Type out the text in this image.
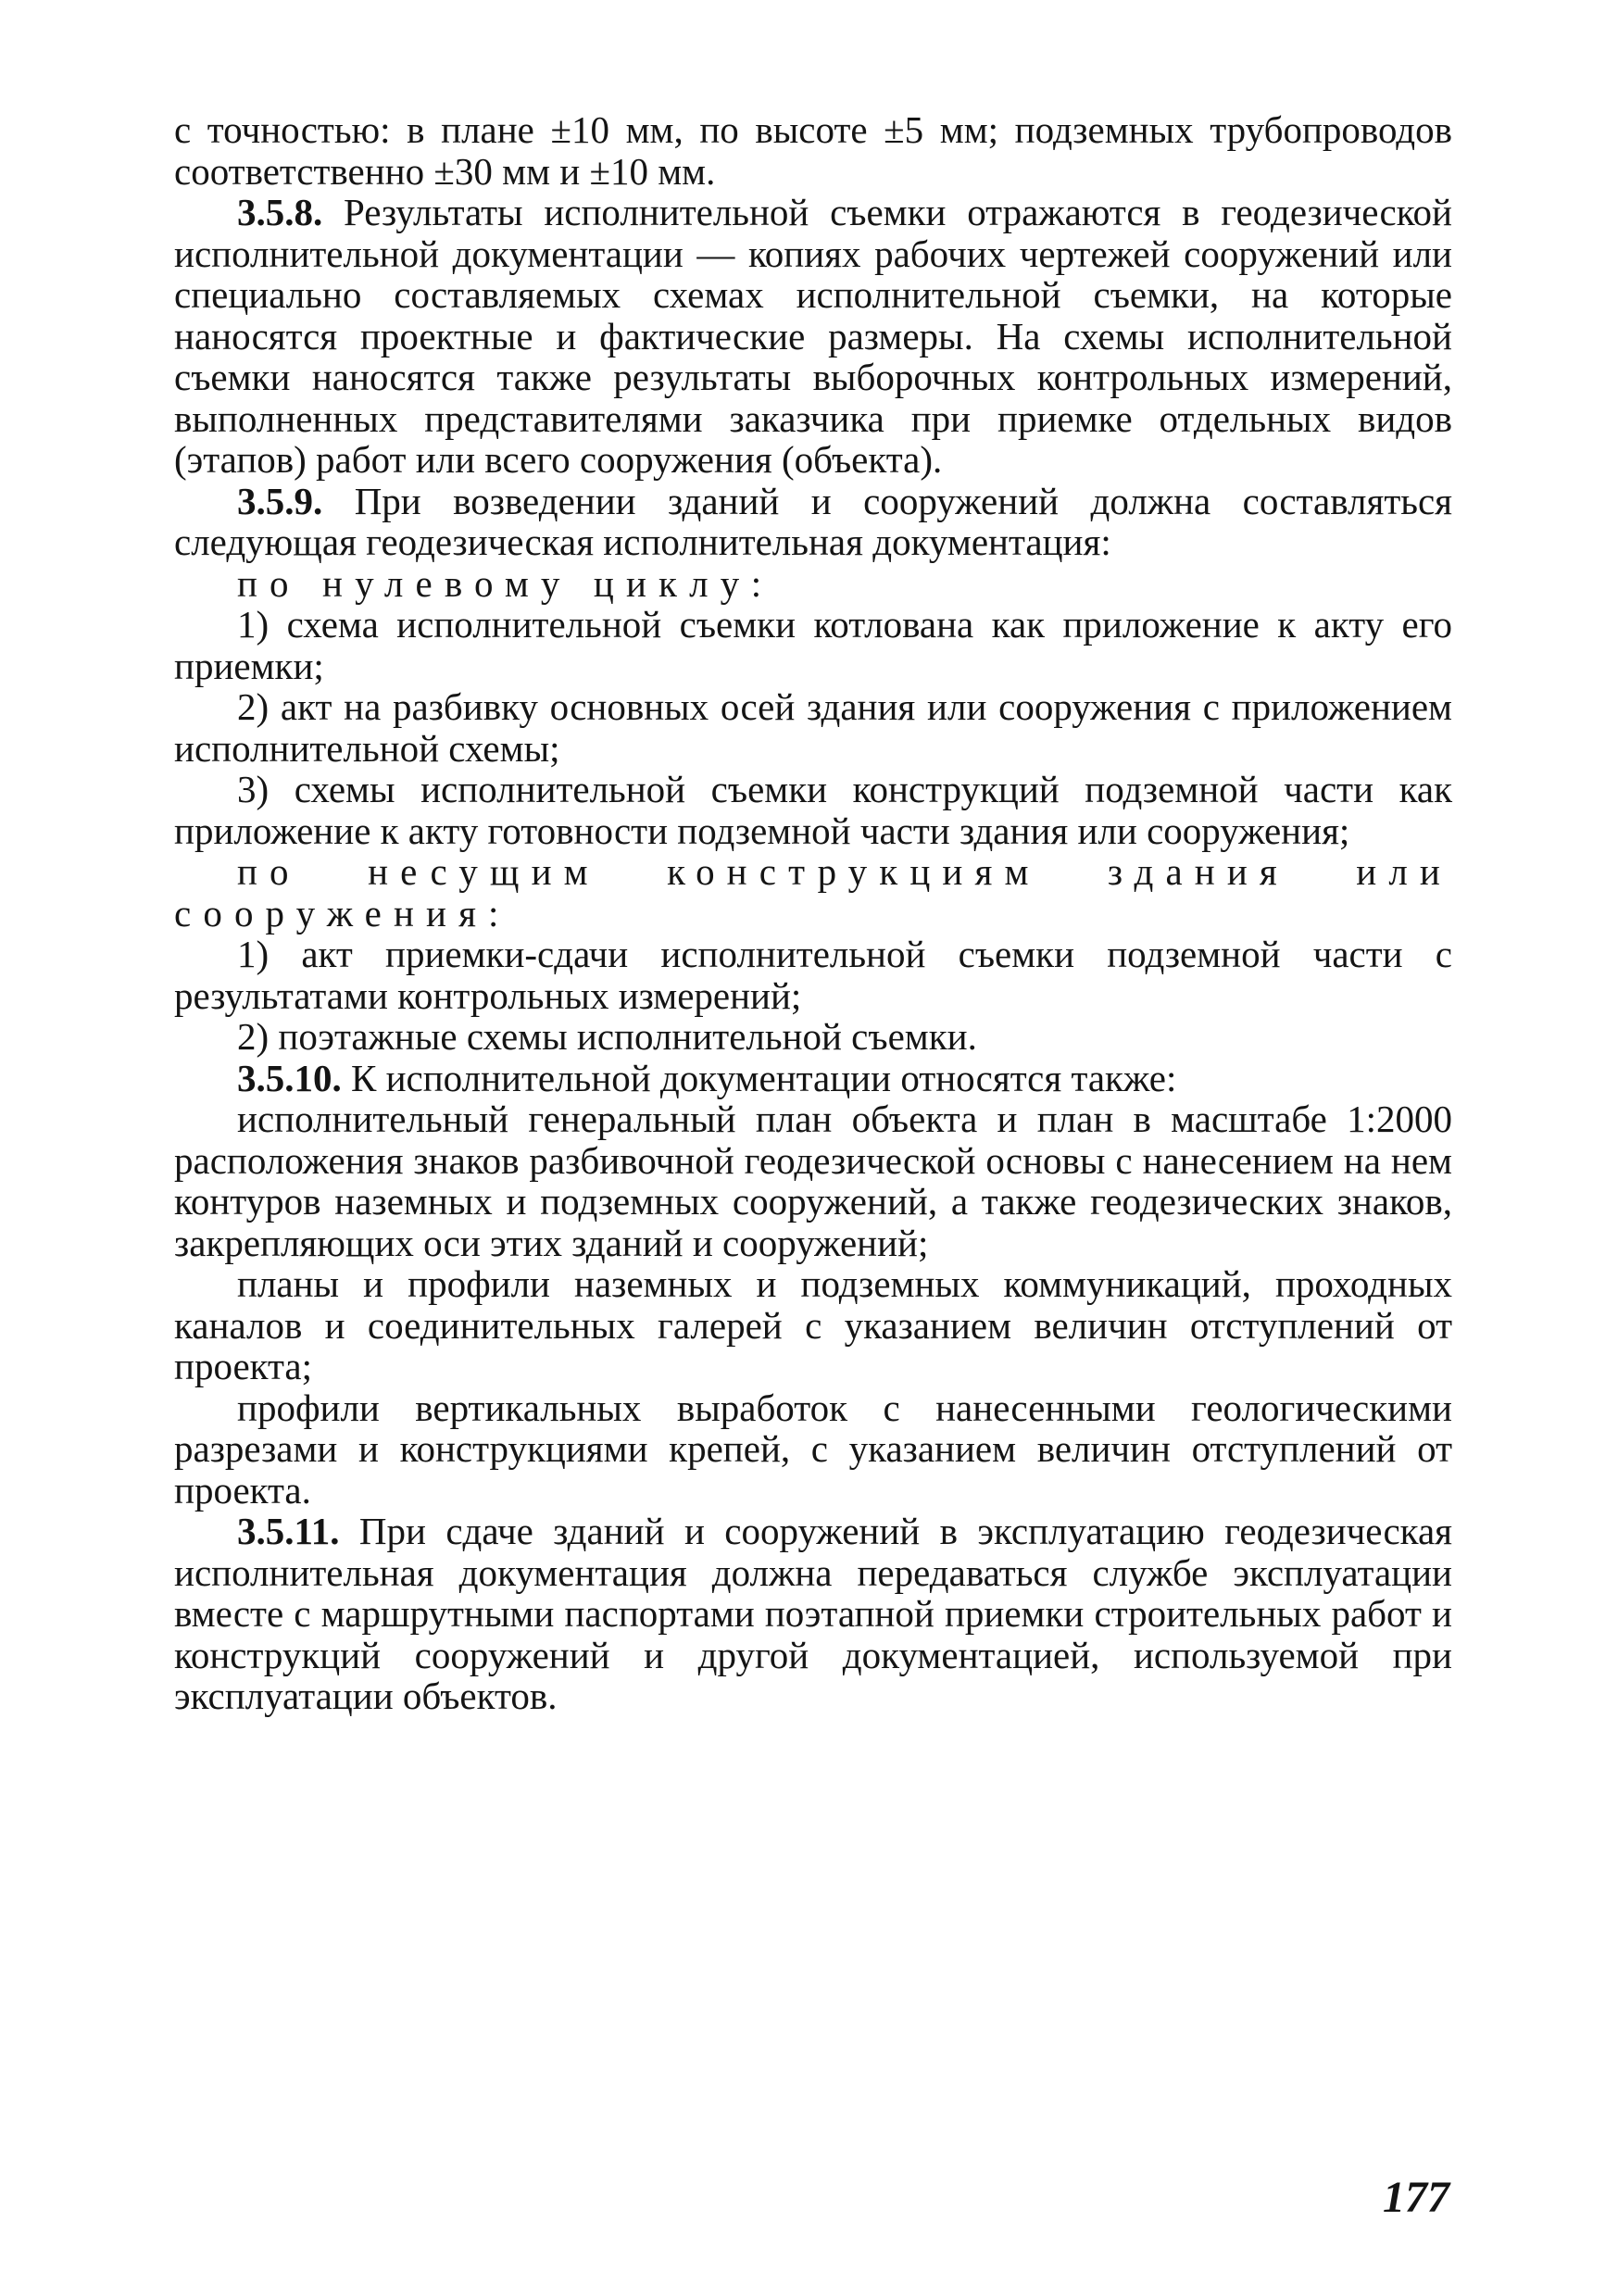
с точностью: в плане ±10 мм, по высоте ±5 мм; подземных трубопроводов соответственно ±30 мм и ±10 мм.

3.5.8. Результаты исполнительной съемки отражаются в геодезической исполнительной документации — копиях рабочих чертежей сооружений или специально составляемых схемах исполнительной съемки, на которые наносятся проектные и фактические размеры. На схемы исполнительной съемки наносятся также результаты выборочных контрольных измерений, выполненных представителями заказчика при приемке отдельных видов (этапов) работ или всего сооружения (объекта).

3.5.9. При возведении зданий и сооружений должна составляться следующая геодезическая исполнительная документация:

по нулевому циклу:

1) схема исполнительной съемки котлована как приложение к акту его приемки;

2) акт на разбивку основных осей здания или сооружения с приложением исполнительной схемы;

3) схемы исполнительной съемки конструкций подземной части как приложение к акту готовности подземной части здания или сооружения;

по несущим конструкциям здания или сооружения:

1) акт приемки-сдачи исполнительной съемки подземной части с результатами контрольных измерений;

2) поэтажные схемы исполнительной съемки.

3.5.10. К исполнительной документации относятся также:

исполнительный генеральный план объекта и план в масштабе 1:2000 расположения знаков разбивочной геодезической основы с нанесением на нем контуров наземных и подземных сооружений, а также геодезических знаков, закрепляющих оси этих зданий и сооружений;

планы и профили наземных и подземных коммуникаций, проходных каналов и соединительных галерей с указанием величин отступлений от проекта;

профили вертикальных выработок с нанесенными геологическими разрезами и конструкциями крепей, с указанием величин отступлений от проекта.

3.5.11. При сдаче зданий и сооружений в эксплуатацию геодезическая исполнительная документация должна передаваться службе эксплуатации вместе с маршрутными паспортами поэтапной приемки строительных работ и конструкций сооружений и другой документацией, используемой при эксплуатации объектов.

177
